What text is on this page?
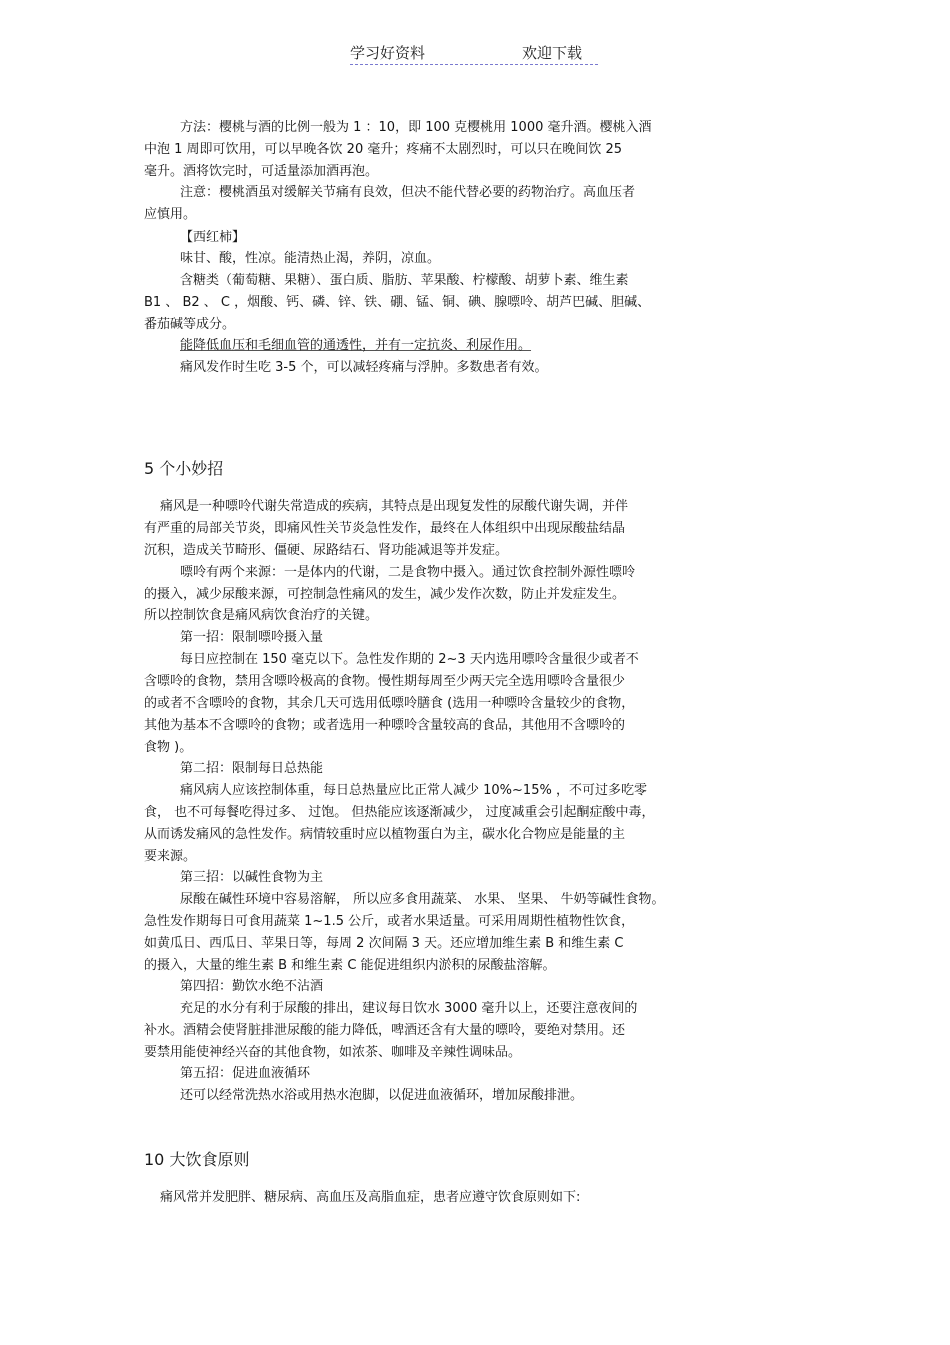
学习好资料	欢迎下载
方法：樱桃与酒的比例一般为 1 ：10，即 100 克樱桃用 1000 毫升酒。樱桃入酒
中泡 1 周即可饮用，可以早晚各饮 20 毫升；疼痛不太剧烈时，可以只在晚间饮 25
毫升。酒将饮完时，可适量添加酒再泡。
注意：樱桃酒虽对缓解关节痛有良效，但决不能代替必要的药物治疗。高血压者
应慎用。
【西红柿】
味甘、酸，性凉。能清热止渴，养阴，凉血。
含糖类（葡萄糖、果糖）、蛋白质、脂肪、苹果酸、柠檬酸、胡萝卜素、维生素
B1 、 B2 、 C ，烟酸、钙、磷、锌、铁、硼、锰、铜、碘、腺嘌呤、胡芦巴碱、胆碱、
番茄碱等成分。
能降低血压和毛细血管的通透性，并有一定抗炎、利尿作用。
痛风发作时生吃 3-5 个，可以减轻疼痛与浮肿。多数患者有效。
5 个小妙招
痛风是一种嘌呤代谢失常造成的疾病，其特点是出现复发性的尿酸代谢失调，并伴
有严重的局部关节炎，即痛风性关节炎急性发作，最终在人体组织中出现尿酸盐结晶
沉积，造成关节畸形、僵硬、尿路结石、肾功能减退等并发症。
嘌呤有两个来源：一是体内的代谢，二是食物中摄入。通过饮食控制外源性嘌呤
的摄入，减少尿酸来源，可控制急性痛风的发生，减少发作次数，防止并发症发生。
所以控制饮食是痛风病饮食治疗的关键。
第一招：限制嘌呤摄入量
每日应控制在 150 毫克以下。急性发作期的 2~3 天内选用嘌呤含量很少或者不
含嘌呤的食物，禁用含嘌呤极高的食物。慢性期每周至少两天完全选用嘌呤含量很少
的或者不含嘌呤的食物，其余几天可选用低嘌呤膳食 (选用一种嘌呤含量较少的食物，
其他为基本不含嘌呤的食物；或者选用一种嘌呤含量较高的食品，其他用不含嘌呤的
食物 )。
第二招：限制每日总热能
痛风病人应该控制体重，每日总热量应比正常人减少 10%~15% ，不可过多吃零
食， 也不可每餐吃得过多、 过饱。 但热能应该逐渐减少， 过度减重会引起酮症酸中毒，
从而诱发痛风的急性发作。病情较重时应以植物蛋白为主，碳水化合物应是能量的主
要来源。
第三招：以碱性食物为主
尿酸在碱性环境中容易溶解， 所以应多食用蔬菜、 水果、 坚果、 牛奶等碱性食物。
急性发作期每日可食用蔬菜 1~1.5 公斤，或者水果适量。可采用周期性植物性饮食，
如黄瓜日、西瓜日、苹果日等，每周 2 次间隔 3 天。还应增加维生素 B 和维生素 C
的摄入，大量的维生素 B 和维生素 C 能促进组织内淤积的尿酸盐溶解。
第四招：勤饮水绝不沾酒
充足的水分有利于尿酸的排出，建议每日饮水 3000 毫升以上，还要注意夜间的
补水。酒精会使肾脏排泄尿酸的能力降低，啤酒还含有大量的嘌呤，要绝对禁用。还
要禁用能使神经兴奋的其他食物，如浓茶、咖啡及辛辣性调味品。
第五招：促进血液循环
还可以经常洗热水浴或用热水泡脚，以促进血液循环，增加尿酸排泄。
10 大饮食原则
痛风常并发肥胖、糖尿病、高血压及高脂血症，患者应遵守饮食原则如下:
